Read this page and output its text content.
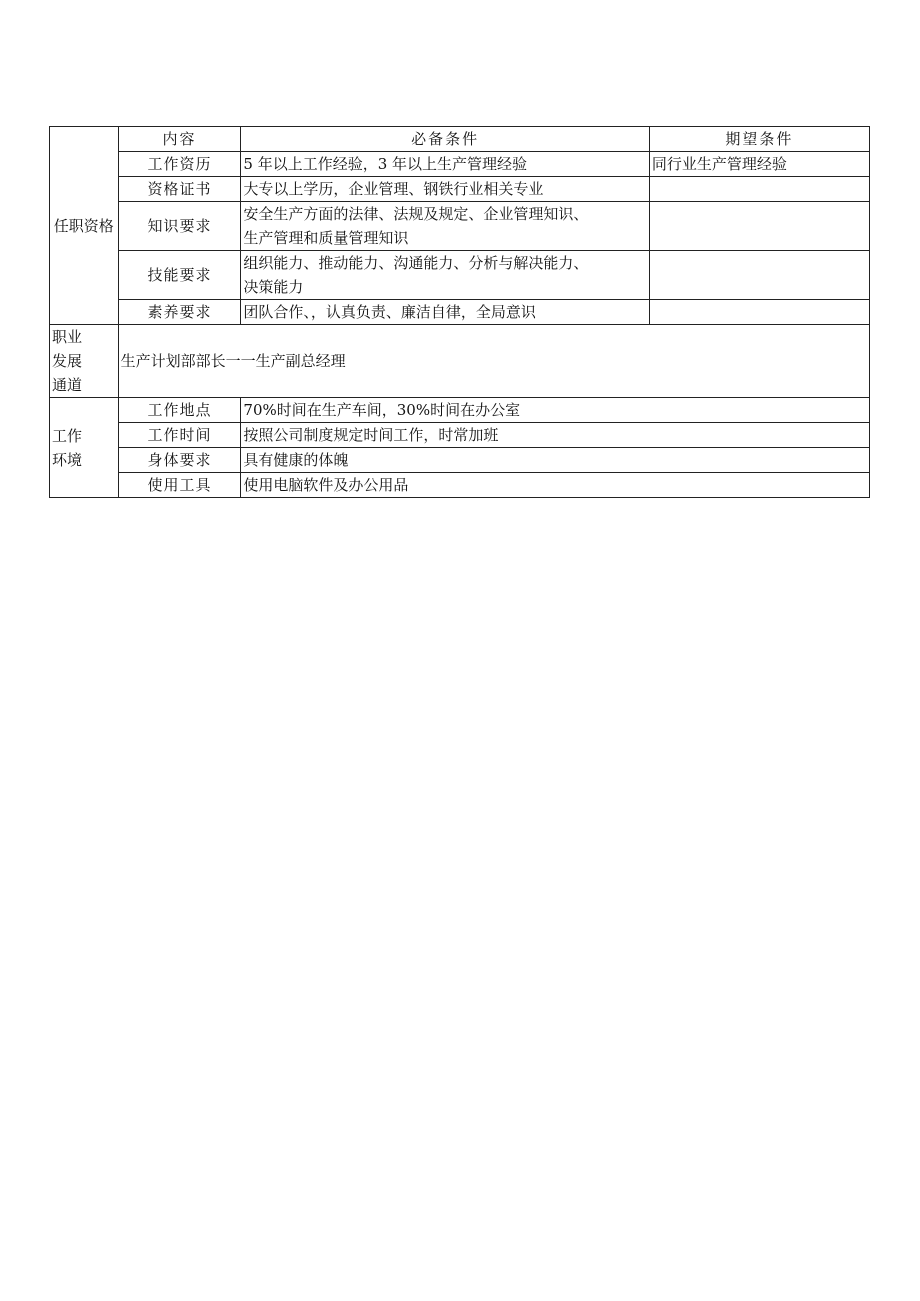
任职资格	内容	必备条件	期望条件
	工作资历	5 年以上工作经验，3 年以上生产管理经验	同行业生产管理经验
	资格证书	大专以上学历，企业管理、钢铁行业相关专业	
	知识要求	安全生产方面的法律、法规及规定、企业管理知识、
生产管理和质量管理知识	

	技能要求	组织能力、推动能力、沟通能力、分析与解决能力、
决策能力	

	素养要求	团队合作、，认真负责、廉洁自律，全局意识	

职业
发展
通道	生产计划部部长一一生产副总经理		

工作
环境	工作地点	70%时间在生产车间，30%时间在办公室	
	工作时间	按照公司制度规定时间工作，时常加班	
	身体要求	具有健康的体魄	
	使用工具	使用电脑软件及办公用品	
